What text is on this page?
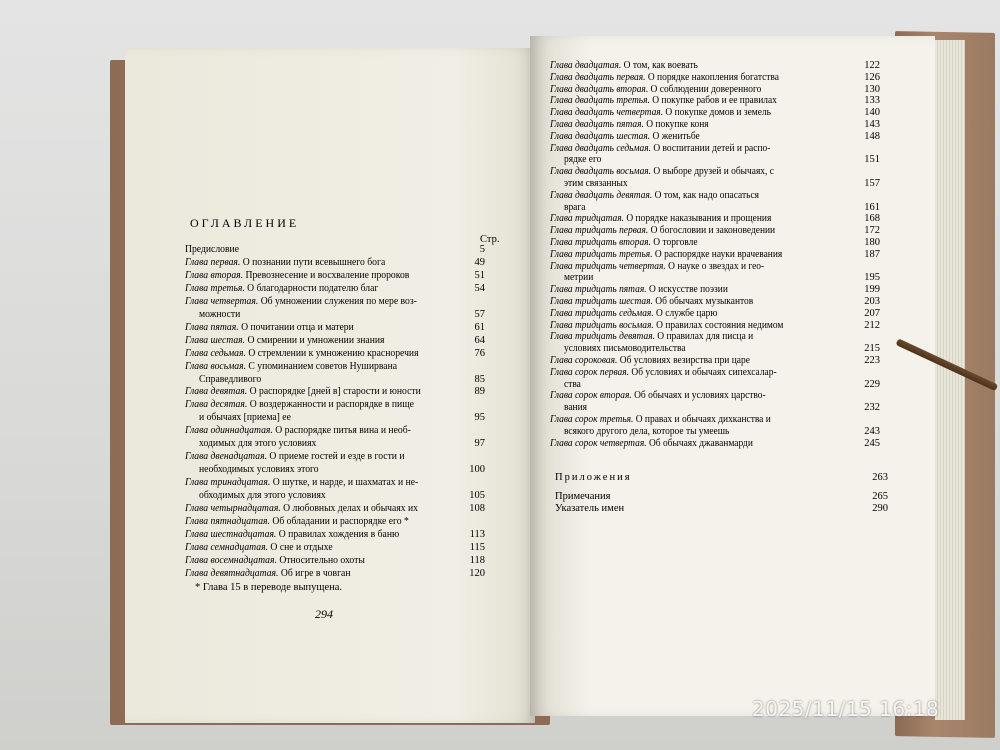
ОГЛАВЛЕНИЕ
Стр.
Предисловие	5
Глава первая. О познании пути всевышнего бога	49
Глава вторая. Превознесение и восхваление пророков	51
Глава третья. О благодарности подателю благ	54
Глава четвертая. Об умножении служения по мере воз-
можности	57
Глава пятая. О почитании отца и матери	61
Глава шестая. О смирении и умножении знания	64
Глава седьмая. О стремлении к умножению красноречия	76
Глава восьмая. С упоминанием советов Нуширвана
Справедливого	85
Глава девятая. О распорядке [дней в] старости и юности	89
Глава десятая. О воздержанности и распорядке в пище
и обычаях [приема] ее	95
Глава одиннадцатая. О распорядке питья вина и необ-
ходимых для этого условиях	97
Глава двенадцатая. О приеме гостей и езде в гости и
необходимых условиях этого	100
Глава тринадцатая. О шутке, и нарде, и шахматах и не-
обходимых для этого условиях	105
Глава четырнадцатая. О любовных делах и обычаях их	108
Глава пятнадцатая. Об обладании и распорядке его *
Глава шестнадцатая. О правилах хождения в баню	113
Глава семнадцатая. О сне и отдыхе	115
Глава восемнадцатая. Относительно охоты	118
Глава девятнадцатая. Об игре в човган	120
Глава двадцатая. О том, как воевать	122
Глава двадцать первая. О порядке накопления богатства	126
Глава двадцать вторая. О соблюдении доверенного	130
Глава двадцать третья. О покупке рабов и ее правилах	133
Глава двадцать четвертая. О покупке домов и земель	140
Глава двадцать пятая. О покупке коня	143
Глава двадцать шестая. О женитьбе	148
Глава двадцать седьмая. О воспитании детей и распо-
рядке его	151
Глава двадцать восьмая. О выборе друзей и обычаях, с
этим связанных	157
Глава двадцать девятая. О том, как надо опасаться
врага	161
Глава тридцатая. О порядке наказывания и прощения	168
Глава тридцать первая. О богословии и законоведении	172
Глава тридцать вторая. О торговле	180
Глава тридцать третья. О распорядке науки врачевания	187
Глава тридцать четвертая. О науке о звездах и гео-
метрии	195
Глава тридцать пятая. О искусстве поэзии	199
Глава тридцать шестая. Об обычаях музыкантов	203
Глава тридцать седьмая. О службе царю	207
Глава тридцать восьмая. О правилах состояния недимом	212
Глава тридцать девятая. О правилах для писца и
условиях письмоводительства	215
Глава сороковая. Об условиях везирства при царе	223
Глава сорок первая. Об условиях и обычаях сипехсалар-
ства	229
Глава сорок вторая. Об обычаях и условиях царство-
вания	232
Глава сорок третья. О правах и обычаях дихканства и
всякого другого дела, которое ты умеешь	243
Глава сорок четвертая. Об обычаях джаванмарди	245
Приложения	263
Примечания	265
Указатель имен	290
* Глава 15 в переводе выпущена.
294
2025/11/15 16:18
